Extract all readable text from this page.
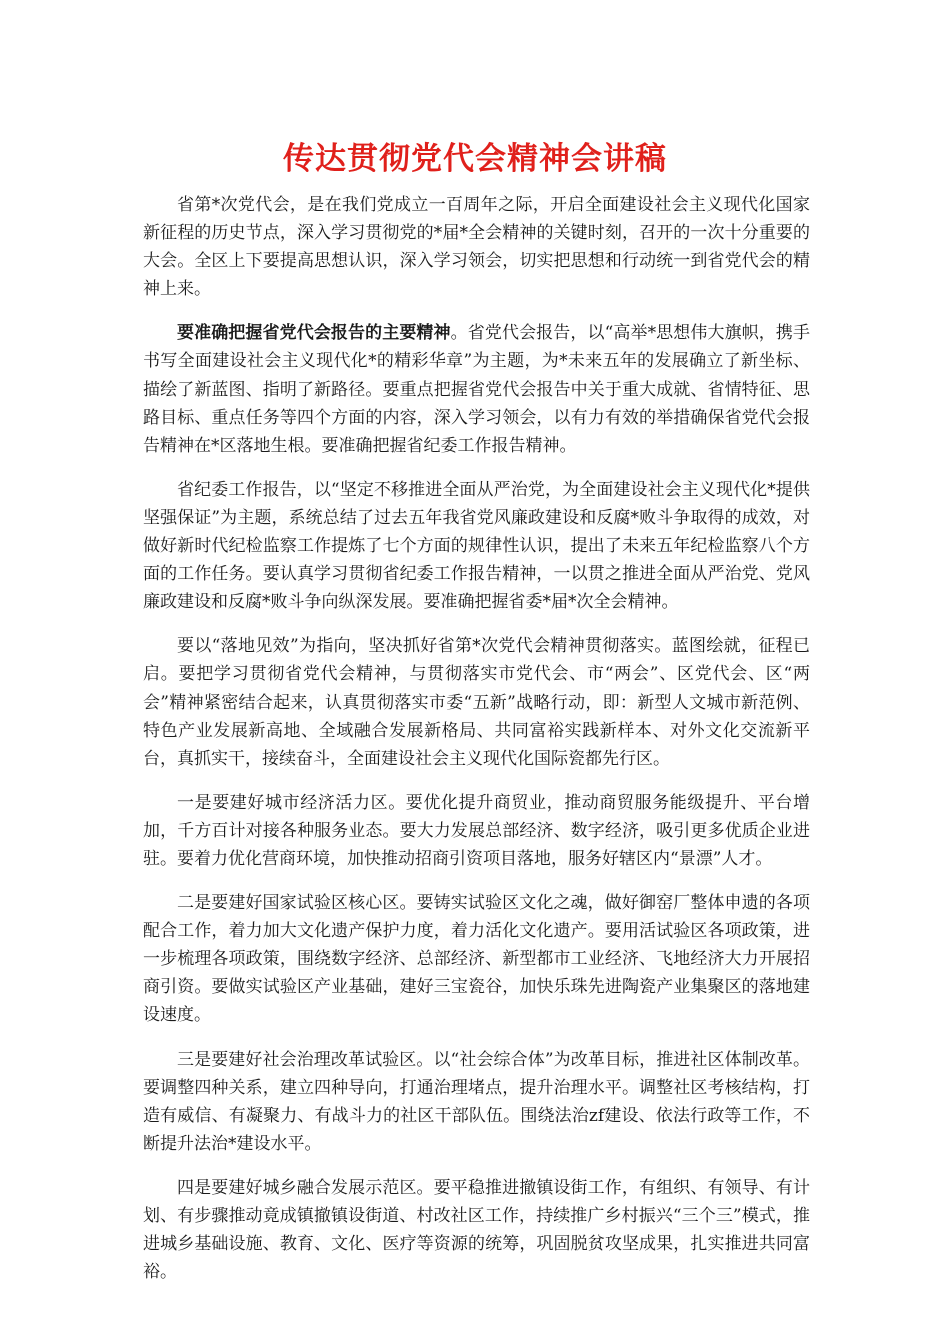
传达贯彻党代会精神会讲稿

省第*次党代会，是在我们党成立一百周年之际，开启全面建设社会主义现代化国家新征程的历史节点，深入学习贯彻党的*届*全会精神的关键时刻，召开的一次十分重要的大会。全区上下要提高思想认识，深入学习领会，切实把思想和行动统一到省党代会的精神上来。

要准确把握省党代会报告的主要精神。省党代会报告，以“高举*思想伟大旗帜，携手书写全面建设社会主义现代化*的精彩华章”为主题，为*未来五年的发展确立了新坐标、描绘了新蓝图、指明了新路径。要重点把握省党代会报告中关于重大成就、省情特征、思路目标、重点任务等四个方面的内容，深入学习领会，以有力有效的举措确保省党代会报告精神在*区落地生根。要准确把握省纪委工作报告精神。

省纪委工作报告，以“坚定不移推进全面从严治党，为全面建设社会主义现代化*提供坚强保证”为主题，系统总结了过去五年我省党风廉政建设和反腐*败斗争取得的成效，对做好新时代纪检监察工作提炼了七个方面的规律性认识，提出了未来五年纪检监察八个方面的工作任务。要认真学习贯彻省纪委工作报告精神，一以贯之推进全面从严治党、党风廉政建设和反腐*败斗争向纵深发展。要准确把握省委*届*次全会精神。

要以“落地见效”为指向，坚决抓好省第*次党代会精神贯彻落实。蓝图绘就，征程已启。要把学习贯彻省党代会精神，与贯彻落实市党代会、市“两会”、区党代会、区“两会”精神紧密结合起来，认真贯彻落实市委“五新”战略行动，即：新型人文城市新范例、特色产业发展新高地、全域融合发展新格局、共同富裕实践新样本、对外文化交流新平台，真抓实干，接续奋斗，全面建设社会主义现代化国际瓷都先行区。

一是要建好城市经济活力区。要优化提升商贸业，推动商贸服务能级提升、平台增加，千方百计对接各种服务业态。要大力发展总部经济、数字经济，吸引更多优质企业进驻。要着力优化营商环境，加快推动招商引资项目落地，服务好辖区内“景漂”人才。

二是要建好国家试验区核心区。要铸实试验区文化之魂，做好御窑厂整体申遗的各项配合工作，着力加大文化遗产保护力度，着力活化文化遗产。要用活试验区各项政策，进一步梳理各项政策，围绕数字经济、总部经济、新型都市工业经济、飞地经济大力开展招商引资。要做实试验区产业基础，建好三宝瓷谷，加快乐珠先进陶瓷产业集聚区的落地建设速度。

三是要建好社会治理改革试验区。以“社会综合体”为改革目标，推进社区体制改革。要调整四种关系，建立四种导向，打通治理堵点，提升治理水平。调整社区考核结构，打造有威信、有凝聚力、有战斗力的社区干部队伍。围绕法治zf建设、依法行政等工作，不断提升法治*建设水平。

四是要建好城乡融合发展示范区。要平稳推进撤镇设街工作，有组织、有领导、有计划、有步骤推动竟成镇撤镇设街道、村改社区工作，持续推广乡村振兴“三个三”模式，推进城乡基础设施、教育、文化、医疗等资源的统筹，巩固脱贫攻坚成果，扎实推进共同富裕。
